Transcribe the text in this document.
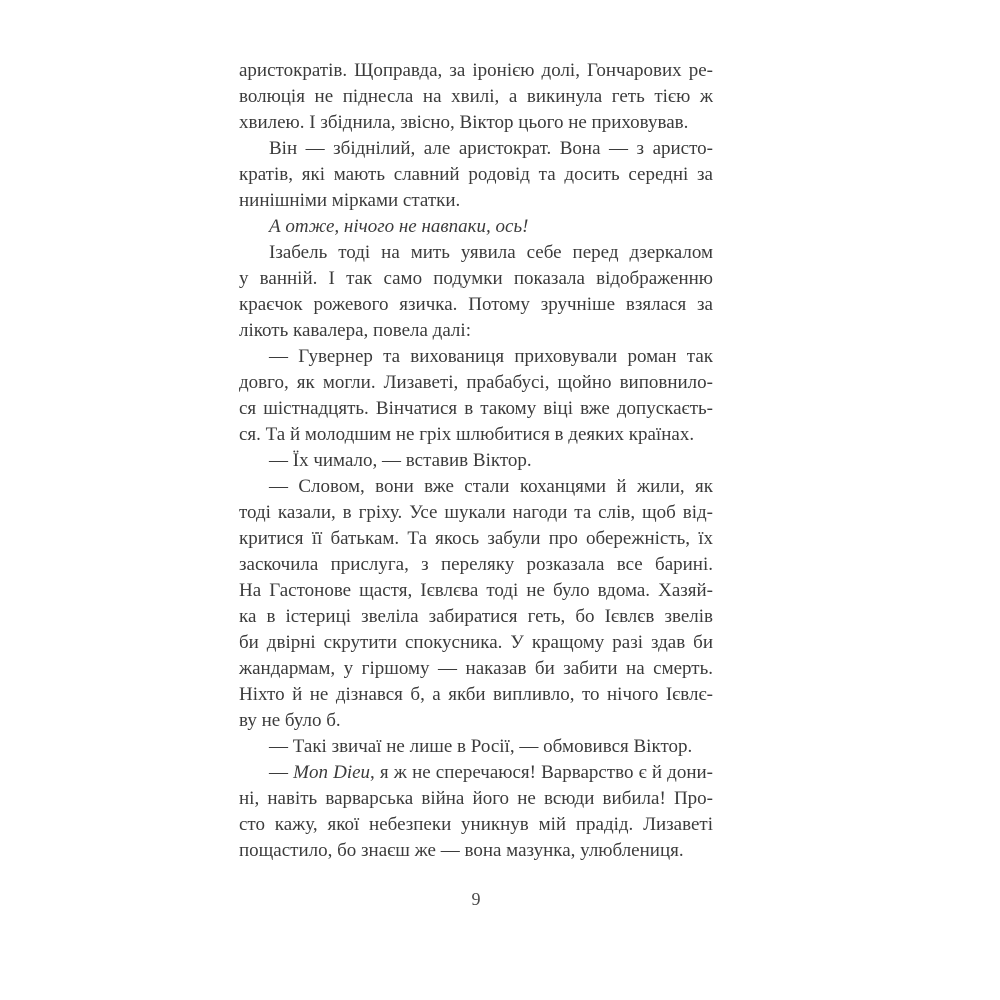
аристократів. Щоправда, за іронією долі, Гончарових ре-
волюція не піднесла на хвилі, а викинула геть тією ж
хвилею. І збіднила, звісно, Віктор цього не приховував.
Він — збіднілий, але аристократ. Вона — з аристо-
кратів, які мають славний родовід та досить середні за
нинішніми мірками статки.
А отже, нічого не навпаки, ось!
Ізабель тоді на мить уявила себе перед дзеркалом
у ванній. І так само подумки показала відображенню
краєчок рожевого язичка. Потому зручніше взялася за
лікоть кавалера, повела далі:
— Гувернер та вихованиця приховували роман так
довго, як могли. Лизаветі, прабабусі, щойно виповнило-
ся шістнадцять. Вінчатися в такому віці вже допускаєть-
ся. Та й молодшим не гріх шлюбитися в деяких країнах.
— Їх чимало, — вставив Віктор.
— Словом, вони вже стали коханцями й жили, як
тоді казали, в гріху. Усе шукали нагоди та слів, щоб від-
критися її батькам. Та якось забули про обережність, їх
заскочила прислуга, з переляку розказала все барині.
На Гастонове щастя, Ієвлєва тоді не було вдома. Хазяй-
ка в істериці звеліла забиратися геть, бо Ієвлєв звелів
би двірні скрутити спокусника. У кращому разі здав би
жандармам, у гіршому — наказав би забити на смерть.
Ніхто й не дізнався б, а якби випливло, то нічого Ієвлє-
ву не було б.
— Такі звичаї не лише в Росії, — обмовився Віктор.
— Mon Dieu, я ж не сперечаюся! Варварство є й дони-
ні, навіть варварська війна його не всюди вибила! Про-
сто кажу, якої небезпеки уникнув мій прадід. Лизаветі
пощастило, бо знаєш же — вона мазунка, улюблениця.
9
